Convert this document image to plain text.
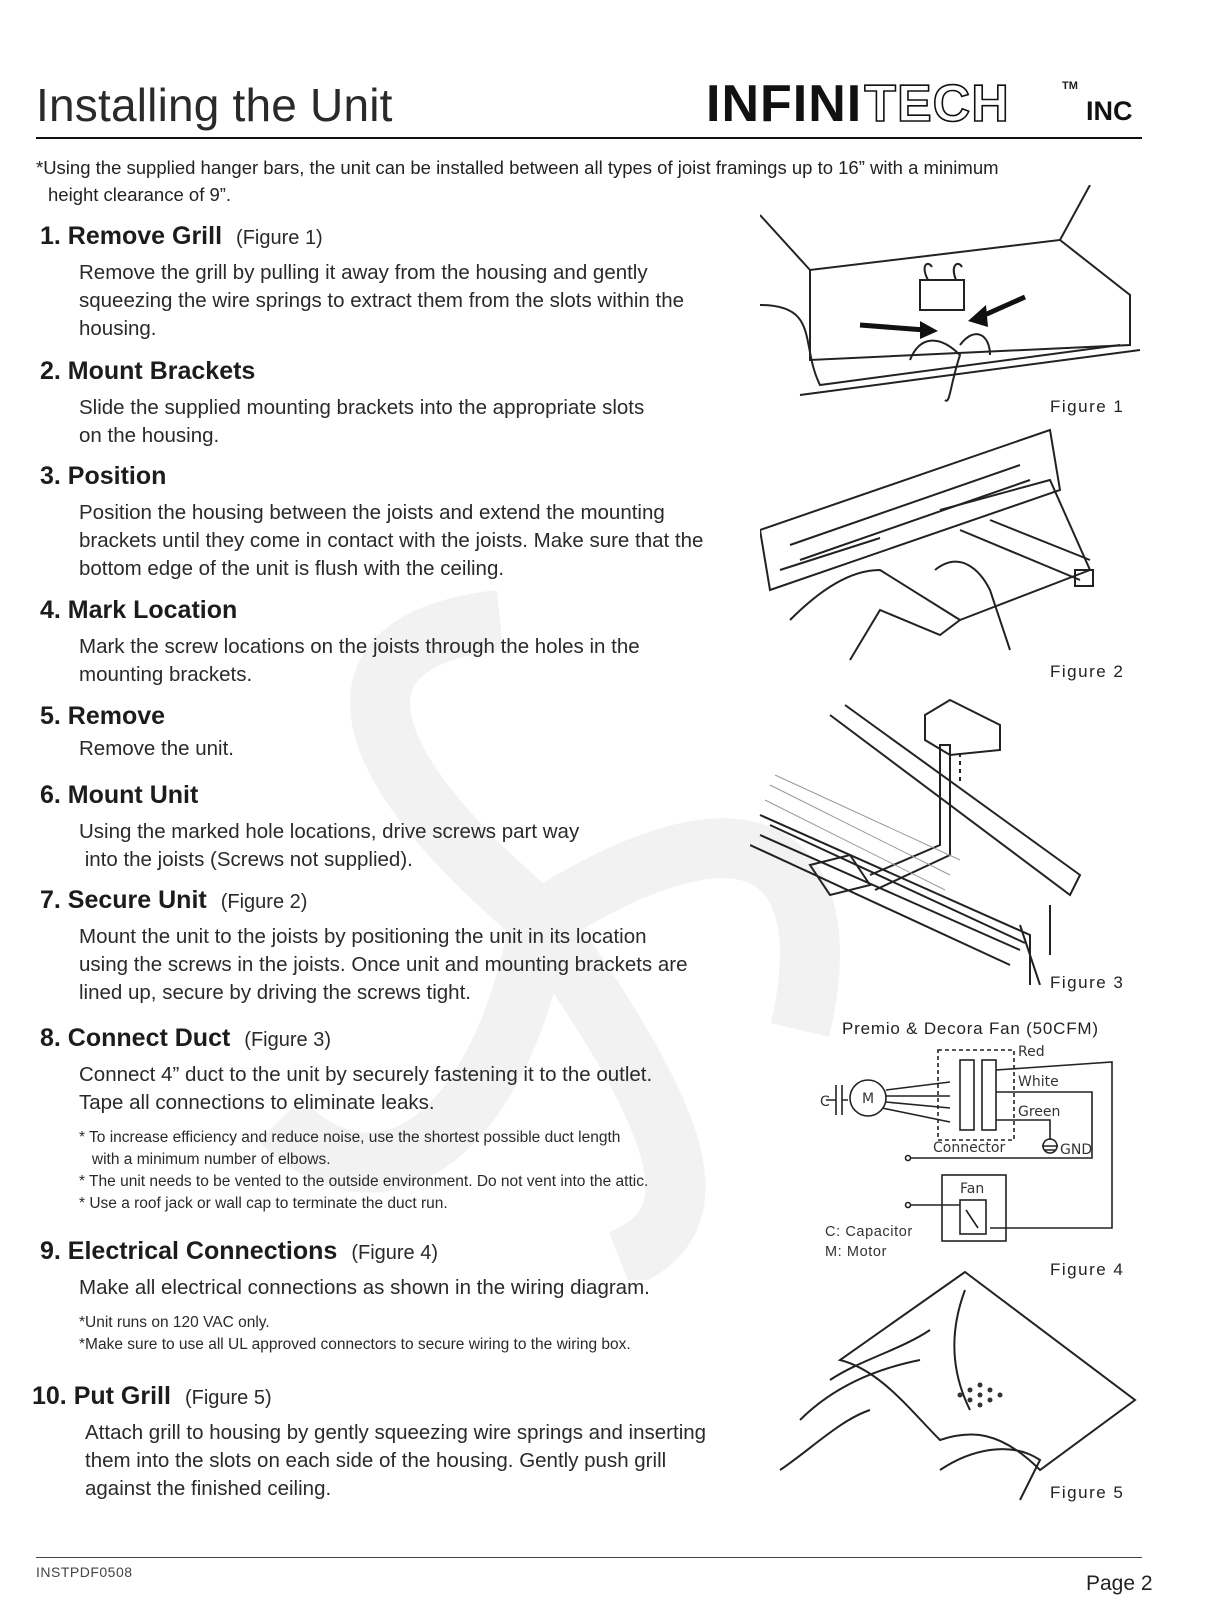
Installing the Unit	INFINITECH	TM
INC
*Using the supplied hanger bars, the unit can be installed between all types of joist framings up to 16” with a minimum
height clearance of 9”.
1. Remove Grill (Figure 1)
Remove the grill by pulling it away from the housing and gently
squeezing the wire springs to extract them from the slots within the
housing.
2. Mount Brackets
Slide the supplied mounting brackets into the appropriate slots
on the housing.
3. Position
Position the housing between the joists and extend the mounting
brackets until they come in contact with the joists. Make sure that the
bottom edge of the unit is flush with the ceiling.
4. Mark Location
Mark the screw locations on the joists through the holes in the
mounting brackets.
5. Remove
Remove the unit.
6. Mount Unit
Using the marked hole locations, drive screws part way
into the joists (Screws not supplied).
7. Secure Unit (Figure 2)
Mount the unit to the joists by positioning the unit in its location
using the screws in the joists. Once unit and mounting brackets are
lined up, secure by driving the screws tight.
8. Connect Duct (Figure 3)
Connect 4” duct to the unit by securely fastening it to the outlet.
Tape all connections to eliminate leaks.
* To increase efficiency and reduce noise, use the shortest possible duct length
with a minimum number of elbows.
* The unit needs to be vented to the outside environment. Do not vent into the attic.
* Use a roof jack or wall cap to terminate the duct run.
9. Electrical Connections (Figure 4)
Make all electrical connections as shown in the wiring diagram.
*Unit runs on 120 VAC only.
*Make sure to use all UL approved connectors to secure wiring to the wiring box.
10. Put Grill (Figure 5)
Attach grill to housing by gently squeezing wire springs and inserting
them into the slots on each side of the housing. Gently push grill
against the finished ceiling.
Figure 1
Figure 2
Figure 3
Premio & Decora Fan (50CFM)
M
C
Red
White
Green
Connector	GND
Fan
C: Capacitor
M: Motor
Figure 4
Figure 5
INSTPDF0508	Page 2
